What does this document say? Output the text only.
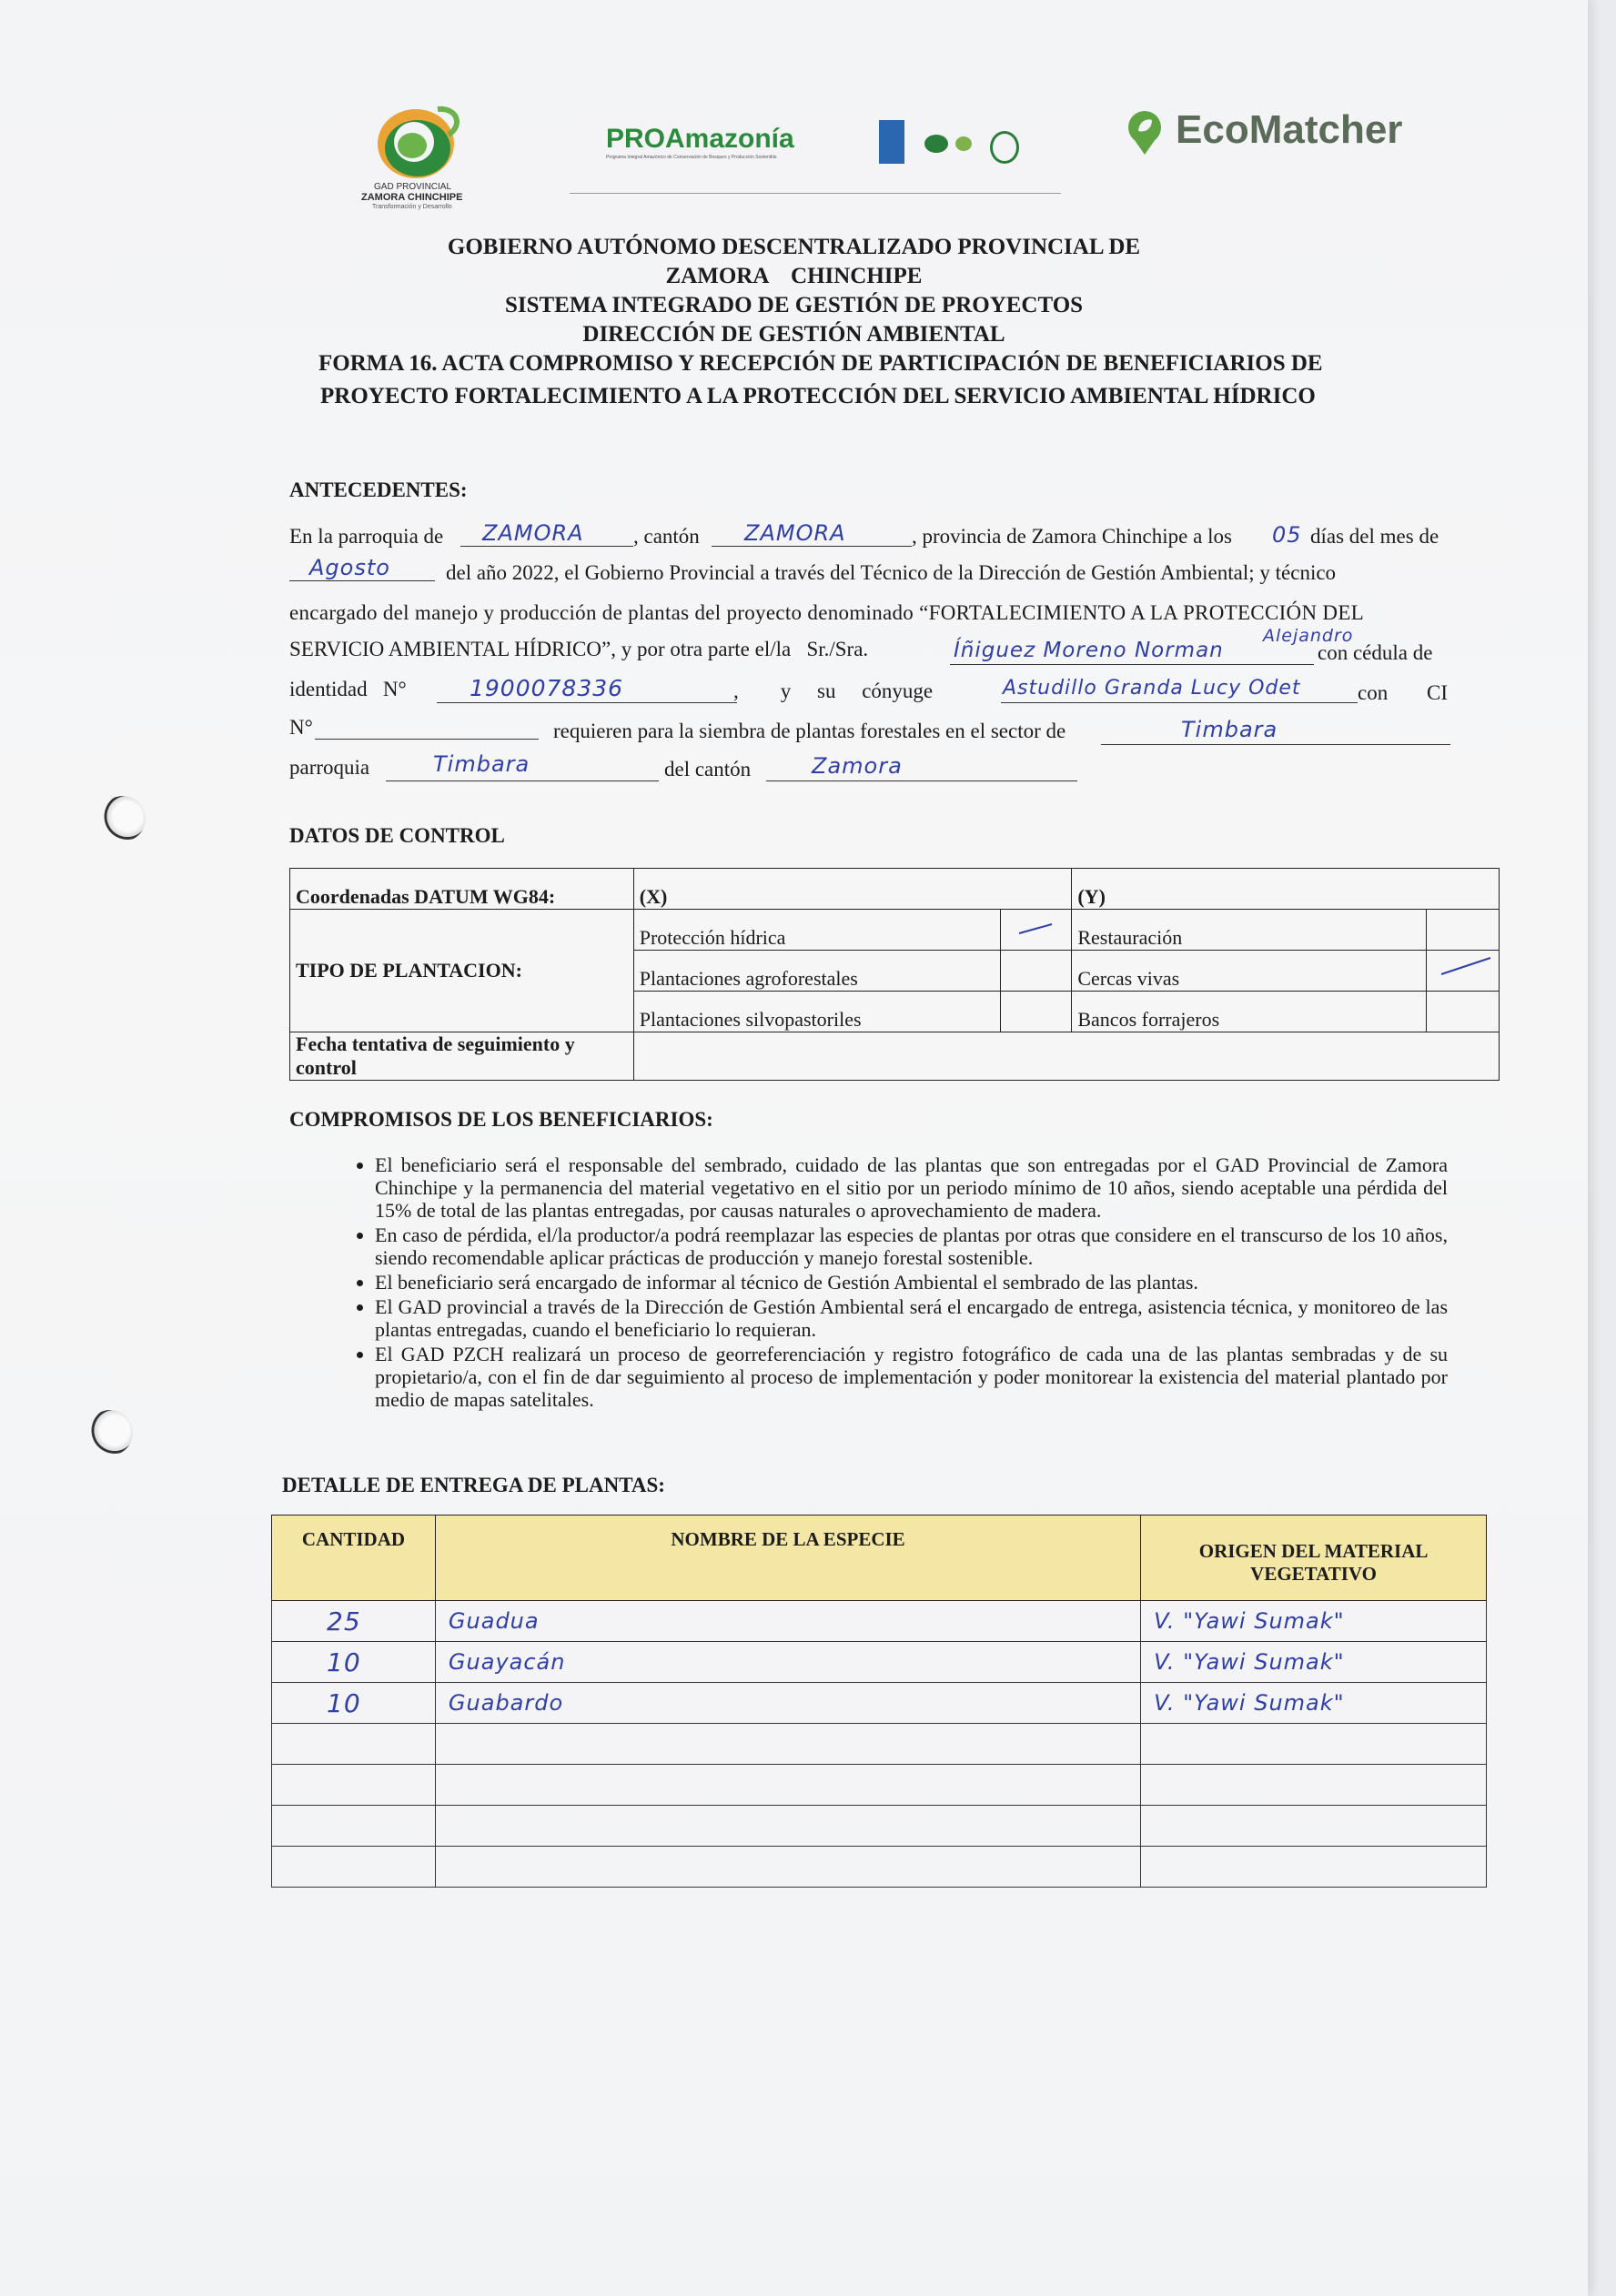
GAD PROVINCIAL
ZAMORA CHINCHIPE
Transformación y Desarrollo
PROAmazonía
Programa Integral Amazónico de Conservación de Bosques y Producción Sostenible
EcoMatcher
GOBIERNO AUTÓNOMO DESCENTRALIZADO PROVINCIAL DE
ZAMORA    CHINCHIPE
SISTEMA INTEGRADO DE GESTIÓN DE PROYECTOS
DIRECCIÓN DE GESTIÓN AMBIENTAL
FORMA 16. ACTA COMPROMISO Y RECEPCIÓN DE PARTICIPACIÓN DE BENEFICIARIOS DE
PROYECTO FORTALECIMIENTO A LA PROTECCIÓN DEL SERVICIO AMBIENTAL HÍDRICO
ANTECEDENTES:
En la parroquia de ZAMORA , cantón ZAMORA	, provincia de Zamora Chinchipe a los 05 días del mes de
Agosto	del año 2022, el Gobierno Provincial a través del Técnico de la Dirección de Gestión Ambiental; y técnico
encargado del manejo y producción de plantas del proyecto denominado “FORTALECIMIENTO A LA PROTECCIÓN DEL
SERVICIO AMBIENTAL HÍDRICO”, y por otra parte el/la   Sr./Sra.	Íñiguez Moreno Norman
Alejandro
con cédula de
identidad   N°	1900078336	,        y     su     cónyuge	Astudillo Granda Lucy Odet	con CI
N°	requieren para la siembra de plantas forestales en el sector de	Timbara
parroquia	Timbara	del cantón	Zamora
DATOS DE CONTROL
Coordenadas DATUM WG84:	(X)		(Y)	
TIPO DE PLANTACION:	Protección hídrica		Restauración	
	Plantaciones agroforestales		Cercas vivas	

	Plantaciones silvopastoriles		Bancos forrajeros	
Fecha tentativa de seguimiento y control				
COMPROMISOS DE LOS BENEFICIARIOS:
• El beneficiario será el responsable del sembrado, cuidado de las plantas que son entregadas por el GAD Provincial de Zamora Chinchipe y la permanencia del material vegetativo en el sitio por un periodo mínimo de 10 años, siendo aceptable una pérdida del 15% de total de las plantas entregadas, por causas naturales o aprovechamiento de madera.
• En caso de pérdida, el/la productor/a podrá reemplazar las especies de plantas por otras que considere en el transcurso de los 10 años, siendo recomendable aplicar prácticas de producción y manejo forestal sostenible.
• El beneficiario será encargado de informar al técnico de Gestión Ambiental el sembrado de las plantas.
• El GAD provincial a través de la Dirección de Gestión Ambiental será el encargado de entrega, asistencia técnica, y monitoreo de las plantas entregadas, cuando el beneficiario lo requieran.
• El GAD PZCH realizará un proceso de georreferenciación y registro fotográfico de cada una de las plantas sembradas y de su propietario/a, con el fin de dar seguimiento al proceso de implementación y poder monitorear la existencia del material plantado por medio de mapas satelitales.
DETALLE DE ENTREGA DE PLANTAS:
CANTIDAD	NOMBRE DE LA ESPECIE	ORIGEN DEL MATERIAL VEGETATIVO
25	Guadua	V. "Yawi Sumak"
10	Guayacán	V. "Yawi Sumak"
10	Guabardo	V. "Yawi Sumak"
